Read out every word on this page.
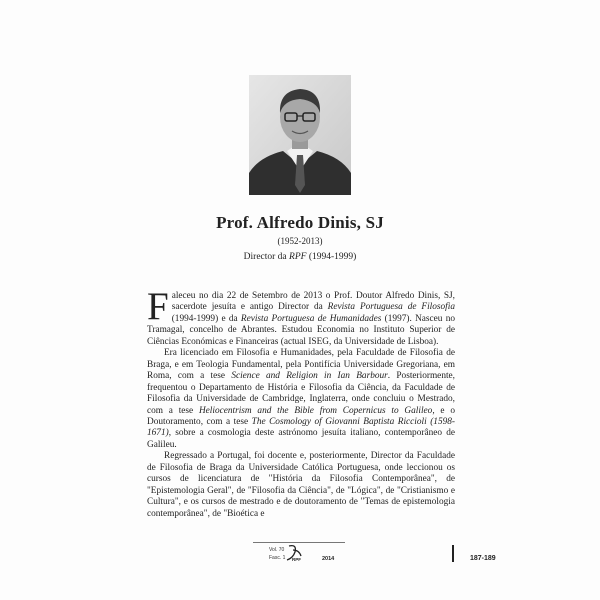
Prof. Alfredo Dinis, SJ
(1952-2013)
Director da RPF (1994-1999)

Faleceu no dia 22 de Setembro de 2013 o Prof. Doutor Alfredo Dinis, SJ, sacerdote jesuíta e antigo Director da Revista Portuguesa de Filosofia (1994-1999) e da Revista Portuguesa de Humanidades (1997). Nasceu no Tramagal, concelho de Abrantes. Estudou Economia no Instituto Superior de Ciências Económicas e Financeiras (actual ISEG, da Universidade de Lisboa).

Era licenciado em Filosofia e Humanidades, pela Faculdade de Filosofia de Braga, e em Teologia Fundamental, pela Pontifícia Universidade Gregoriana, em Roma, com a tese Science and Religion in Ian Barbour. Posteriormente, frequentou o Departamento de História e Filosofia da Ciência, da Faculdade de Filosofia da Universidade de Cambridge, Inglaterra, onde concluiu o Mestrado, com a tese Heliocentrism and the Bible from Copernicus to Galileo, e o Doutoramento, com a tese The Cosmology of Giovanni Baptista Riccioli (1598-1671), sobre a cosmologia deste astrónomo jesuíta italiano, contemporâneo de Galileu.

Regressado a Portugal, foi docente e, posteriormente, Director da Faculdade de Filosofia de Braga da Universidade Católica Portuguesa, onde leccionou os cursos de licenciatura de "História da Filosofia Contemporânea", de "Epistemologia Geral", de "Filosofia da Ciência", de "Lógica", de "Cristianismo e Cultura", e os cursos de mestrado e de doutoramento de "Temas de epistemologia contemporânea", de "Bioética e

Vol. 70
Fasc. 1 RPF	2014	187-189
